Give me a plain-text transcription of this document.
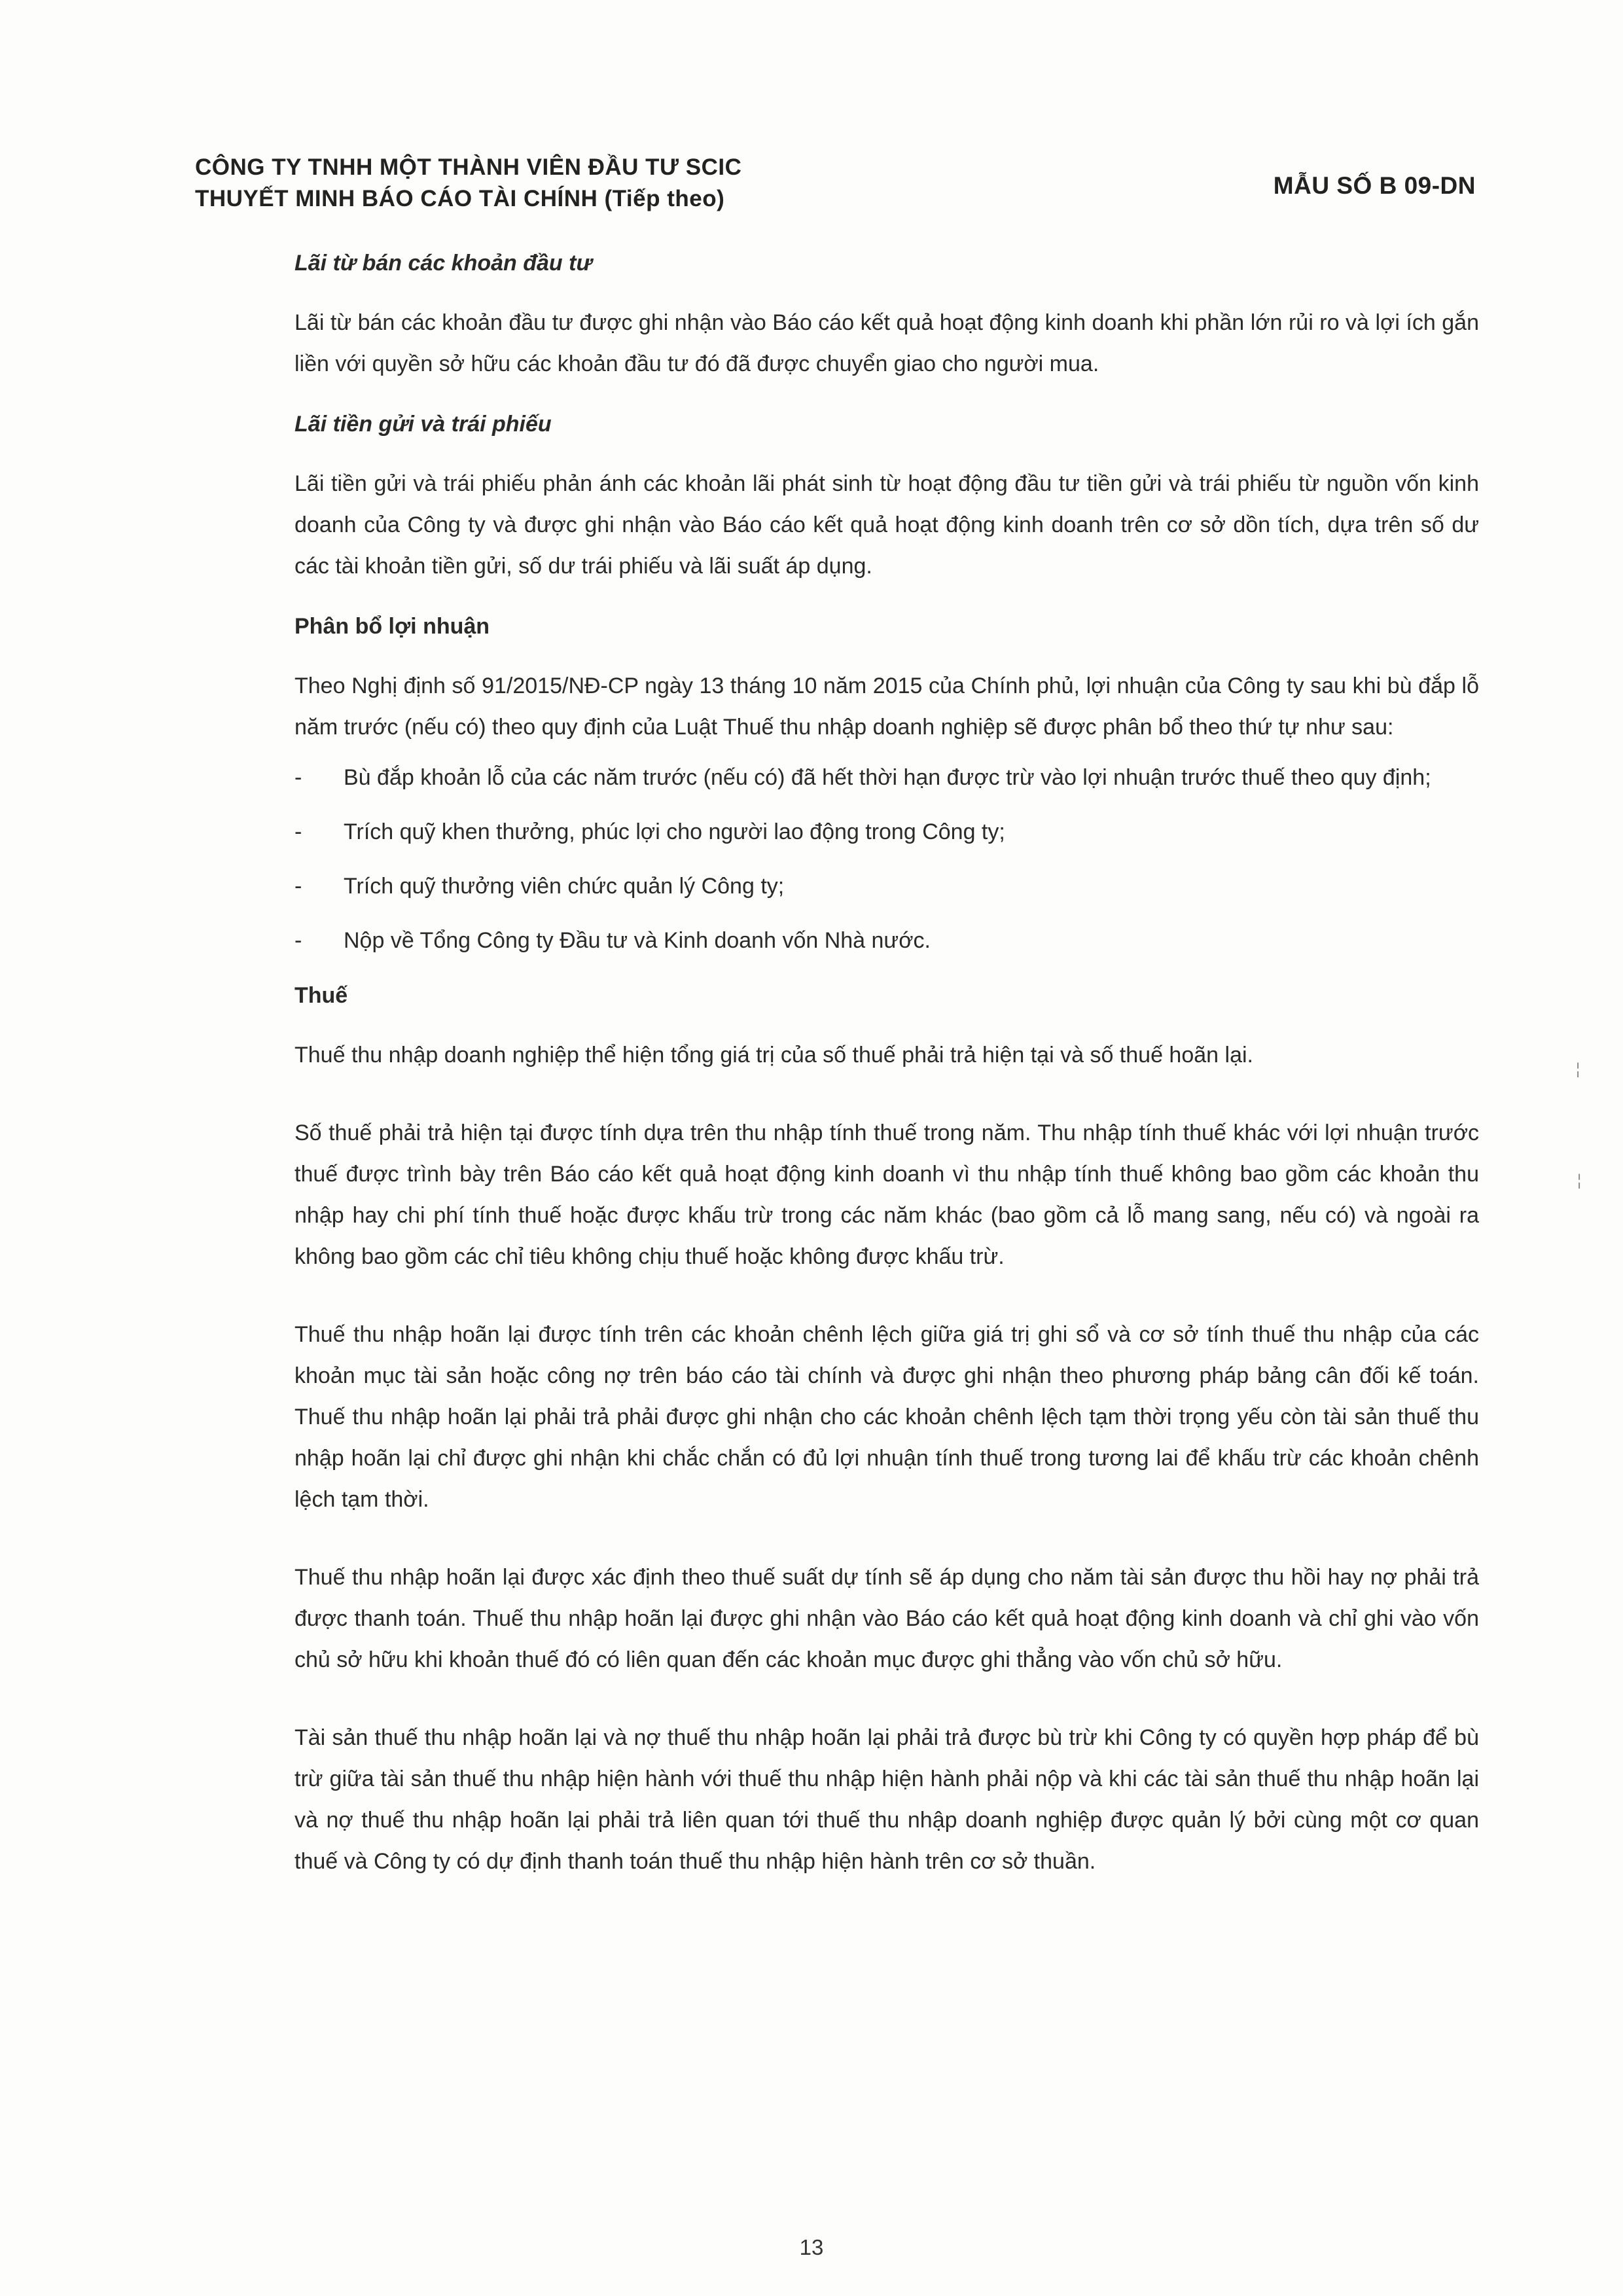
CÔNG TY TNHH MỘT THÀNH VIÊN ĐẦU TƯ SCIC
THUYẾT MINH BÁO CÁO TÀI CHÍNH (Tiếp theo)	MẪU SỐ B 09-DN
Lãi từ bán các khoản đầu tư

Lãi từ bán các khoản đầu tư được ghi nhận vào Báo cáo kết quả hoạt động kinh doanh khi phần lớn rủi ro và lợi ích gắn liền với quyền sở hữu các khoản đầu tư đó đã được chuyển giao cho người mua.

Lãi tiền gửi và trái phiếu

Lãi tiền gửi và trái phiếu phản ánh các khoản lãi phát sinh từ hoạt động đầu tư tiền gửi và trái phiếu từ nguồn vốn kinh doanh của Công ty và được ghi nhận vào Báo cáo kết quả hoạt động kinh doanh trên cơ sở dồn tích, dựa trên số dư các tài khoản tiền gửi, số dư trái phiếu và lãi suất áp dụng.

Phân bổ lợi nhuận

Theo Nghị định số 91/2015/NĐ-CP ngày 13 tháng 10 năm 2015 của Chính phủ, lợi nhuận của Công ty sau khi bù đắp lỗ năm trước (nếu có) theo quy định của Luật Thuế thu nhập doanh nghiệp sẽ được phân bổ theo thứ tự như sau:

- Bù đắp khoản lỗ của các năm trước (nếu có) đã hết thời hạn được trừ vào lợi nhuận trước thuế theo quy định;
- Trích quỹ khen thưởng, phúc lợi cho người lao động trong Công ty;
- Trích quỹ thưởng viên chức quản lý Công ty;
- Nộp về Tổng Công ty Đầu tư và Kinh doanh vốn Nhà nước.
Thuế

Thuế thu nhập doanh nghiệp thể hiện tổng giá trị của số thuế phải trả hiện tại và số thuế hoãn lại.

Số thuế phải trả hiện tại được tính dựa trên thu nhập tính thuế trong năm. Thu nhập tính thuế khác với lợi nhuận trước thuế được trình bày trên Báo cáo kết quả hoạt động kinh doanh vì thu nhập tính thuế không bao gồm các khoản thu nhập hay chi phí tính thuế hoặc được khấu trừ trong các năm khác (bao gồm cả lỗ mang sang, nếu có) và ngoài ra không bao gồm các chỉ tiêu không chịu thuế hoặc không được khấu trừ.

Thuế thu nhập hoãn lại được tính trên các khoản chênh lệch giữa giá trị ghi sổ và cơ sở tính thuế thu nhập của các khoản mục tài sản hoặc công nợ trên báo cáo tài chính và được ghi nhận theo phương pháp bảng cân đối kế toán. Thuế thu nhập hoãn lại phải trả phải được ghi nhận cho các khoản chênh lệch tạm thời trọng yếu còn tài sản thuế thu nhập hoãn lại chỉ được ghi nhận khi chắc chắn có đủ lợi nhuận tính thuế trong tương lai để khấu trừ các khoản chênh lệch tạm thời.

Thuế thu nhập hoãn lại được xác định theo thuế suất dự tính sẽ áp dụng cho năm tài sản được thu hồi hay nợ phải trả được thanh toán. Thuế thu nhập hoãn lại được ghi nhận vào Báo cáo kết quả hoạt động kinh doanh và chỉ ghi vào vốn chủ sở hữu khi khoản thuế đó có liên quan đến các khoản mục được ghi thẳng vào vốn chủ sở hữu.

Tài sản thuế thu nhập hoãn lại và nợ thuế thu nhập hoãn lại phải trả được bù trừ khi Công ty có quyền hợp pháp để bù trừ giữa tài sản thuế thu nhập hiện hành với thuế thu nhập hiện hành phải nộp và khi các tài sản thuế thu nhập hoãn lại và nợ thuế thu nhập hoãn lại phải trả liên quan tới thuế thu nhập doanh nghiệp được quản lý bởi cùng một cơ quan thuế và Công ty có dự định thanh toán thuế thu nhập hiện hành trên cơ sở thuần.

¦
¦
13
